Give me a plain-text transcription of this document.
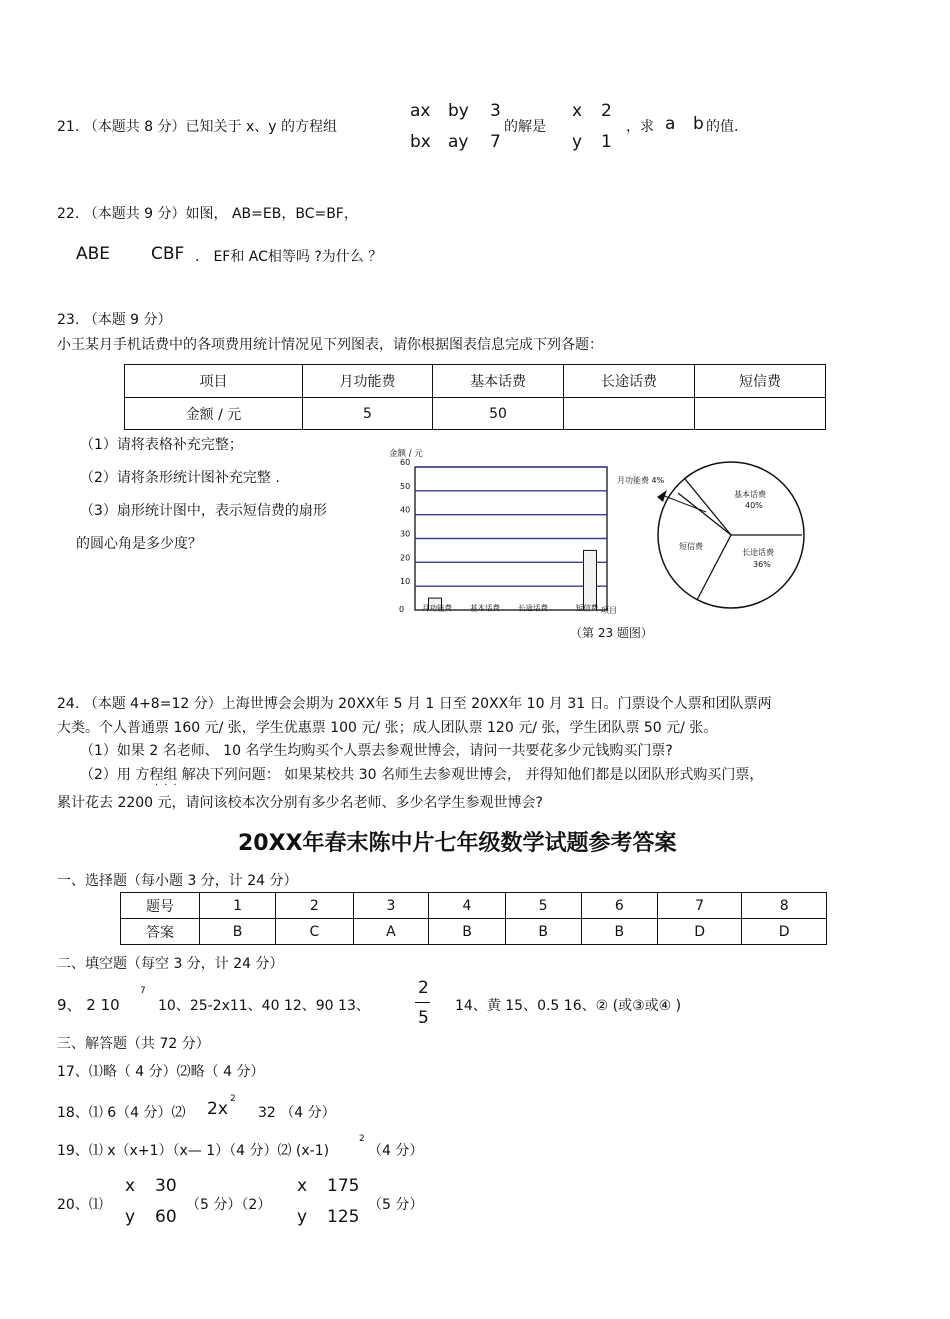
21. （本题共 8 分）已知关于 x、y 的方程组
ax by 3
bx ay 7
的解是
x 2
y 1
，求 a b 的值．
22. （本题共 9 分）如图， AB=EB，BC=BF，
ABE CBF ． EF和 AC相等吗 ?为什么 ？
23. （本题 9 分）
小王某月手机话费中的各项费用统计情况见下列图表，请你根据图表信息完成下列各题：
项目	月功能费	基本话费	长途话费	短信费
金额 / 元	5	50		
（1）请将表格补充完整；
（2）请将条形统计图补充完整 .
（3）扇形统计图中，表示短信费的扇形
的圆心角是多少度？
金额 / 元
0
10
20
30
40
50
60
月功能费 基本话费 长途话费	短信费 项目
月功能费 4%
基本话费
40%
短信费
长途话费
36%
（第 23 题图）
24. （本题 4+8=12 分）上海世博会会期为 20XX年 5 月 1 日至 20XX年 10 月 31 日。门票设个人票和团队票两
大类。个人普通票 160 元/ 张，学生优惠票 100 元/ 张；成人团队票 120 元/ 张，学生团队票 50 元/ 张。
（1）如果 2 名老师、 10 名学生均购买个人票去参观世博会，请问一共要花多少元钱购买门票?
（2）用 方程组 解决下列问题： 如果某校共 30 名师生去参观世博会， 并得知他们都是以团队形式购买门票，
···
累计花去 2200 元，请问该校本次分别有多少名老师、多少名学生参观世博会?
20XX年春末陈中片七年级数学试题参考答案
一、选择题（每小题 3 分，计 24 分）
题号	1	2	3	4	5	6	7	8
答案	B	C	A	B	B	B	D	D
二、填空题（每空 3 分，计 24 分）
9、 2 10
7
10、25-2x11、40 12、90 13、
2
5
14、黄 15、0.5 16、② (或③或④ )
三、解答题（共 72 分）
17、⑴略（ 4 分）⑵略（ 4 分）
18、⑴ 6（4 分）⑵ 2x 2
32 （4 分）
19、⑴ x（x+1）（x— 1）（4 分）⑵ (x-1)
2
（4 分）
20、⑴
x 30
y 60
（5 分）（2）
x 175
y 125
（5 分）
